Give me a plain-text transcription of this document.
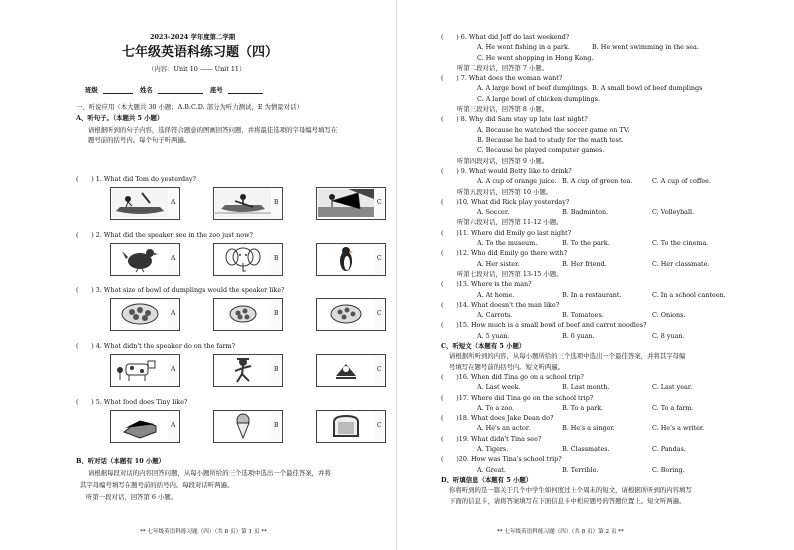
2023-2024 学年度第二学期
七年级英语科练习题（四）
（内容：Unit 10 —— Unit 11）
班级	姓名	座号
一、听说应用（本大题共 30 小题；A.B.C.D. 部分为听力测试，E 为情景对话）
A、听句子。（本题共 5 小题）
请根据听到的句子内容，选择符合题意的图画回答问题，并将最佳选项的字母编号填写在
题号前的括号内。每个句子听两遍。
(　　) 1. What did Tom do yesterday?
A	B	C
(　　) 2. What did the speaker see in the zoo just now?
A	B	C
(　　) 3. What size of bowl of dumplings would the speaker like?
A	B	C
(　　) 4. What didn't the speaker do on the farm?
A	B	C
(　　) 5. What food does Tiny like?
A	B	C
B、听对话（本题有 10 小题）
请根据每段对话的内容回答问题，从每小题所给的三个选项中选出一个最佳答案，并将
其字母编号填写在题号前的括号内。每段对话听两遍。
听第一段对话，回答第 6 小题。
** 七年级英语科练习题（四）（共 8 页）第 1 页 **
(　　) 6. What did Jeff do last weekend?
A. He went fishing in a park.	B. He went swimming in the sea.
C. He went shopping in Hong Kong.
听第二段对话，回答第 7 小题。
(　　) 7. What does the woman want?
A. A large bowl of beef dumplings. B. A small bowl of beef dumplings
C. A large bowl of chicken dumplings.
听第三段对话，回答第 8 小题。
(　　) 8. Why did Sam stay up late last night?
A. Because he watched the soccer game on TV.
B. Because he had to study for the math test.
C. Because he played computer games.
听第四段对话，回答第 9 小题。
(　　) 9. What would Betty like to drink?
A. A cup of orange juice. B. A cup of green tea.	C. A cup of coffee.
听第五段对话，回答第 10 小题。
(　　)10. What did Rick play yesterday?
A. Soccer.	B. Badminton.	C. Volleyball.
听第六段对话，回答第 11-12 小题。
(　　)11. Where did Emily go last night?
A. To the museum.	B. To the park.	C. To the cinema.
(　　)12. Who did Emily go there with?
A. Her sister.	B. Her friend.	C. Her classmate.
听第七段对话，回答第 13-15 小题。
(　　)13. Where is the man?
A. At home.	B. In a restaurant.	C. In a school canteen.
(　　)14. What doesn't the man like?
A. Carrots.	B. Tomatoes.	C. Onions.
(　　)15. How much is a small bowl of beef and carrot noodles?
A. 5 yuan.	B. 6 yuan.	C. 8 yuan.
C、听短文（本题有 5 小题）
请根据所听到的内容，从每小题所给的三个选项中选出一个最佳答案，并将其字母编
号填写在题号前的括号内。短文听两遍。
(　　)16. When did Tina go on a school trip?
A. Last week.	B. Last month.	C. Last year.
(　　)17. Where did Tina go on the school trip?
A. To a zoo.	B. To a park.	C. To a farm.
(　　)18. What does Jake Dean do?
A. He's an actor.	B. He's a singer.	C. He's a writer.
(　　)19. What didn't Tina see?
A. Tigers.	B. Classmates.	C. Pandas.
(　　)20. How was Tina's school trip?
A. Great.	B. Terrible.	C. Boring.
D、听填信息（本题有 5 小题）
你将听到的是一篇关于几个中学生如何度过上个周末的短文，请根据所听到的内容填写
下面的信息卡，请将答案填写在下面信息卡中相应题号的答题位置上。短文听两遍。
** 七年级英语科练习题（四）（共 8 页）第 2 页 **
